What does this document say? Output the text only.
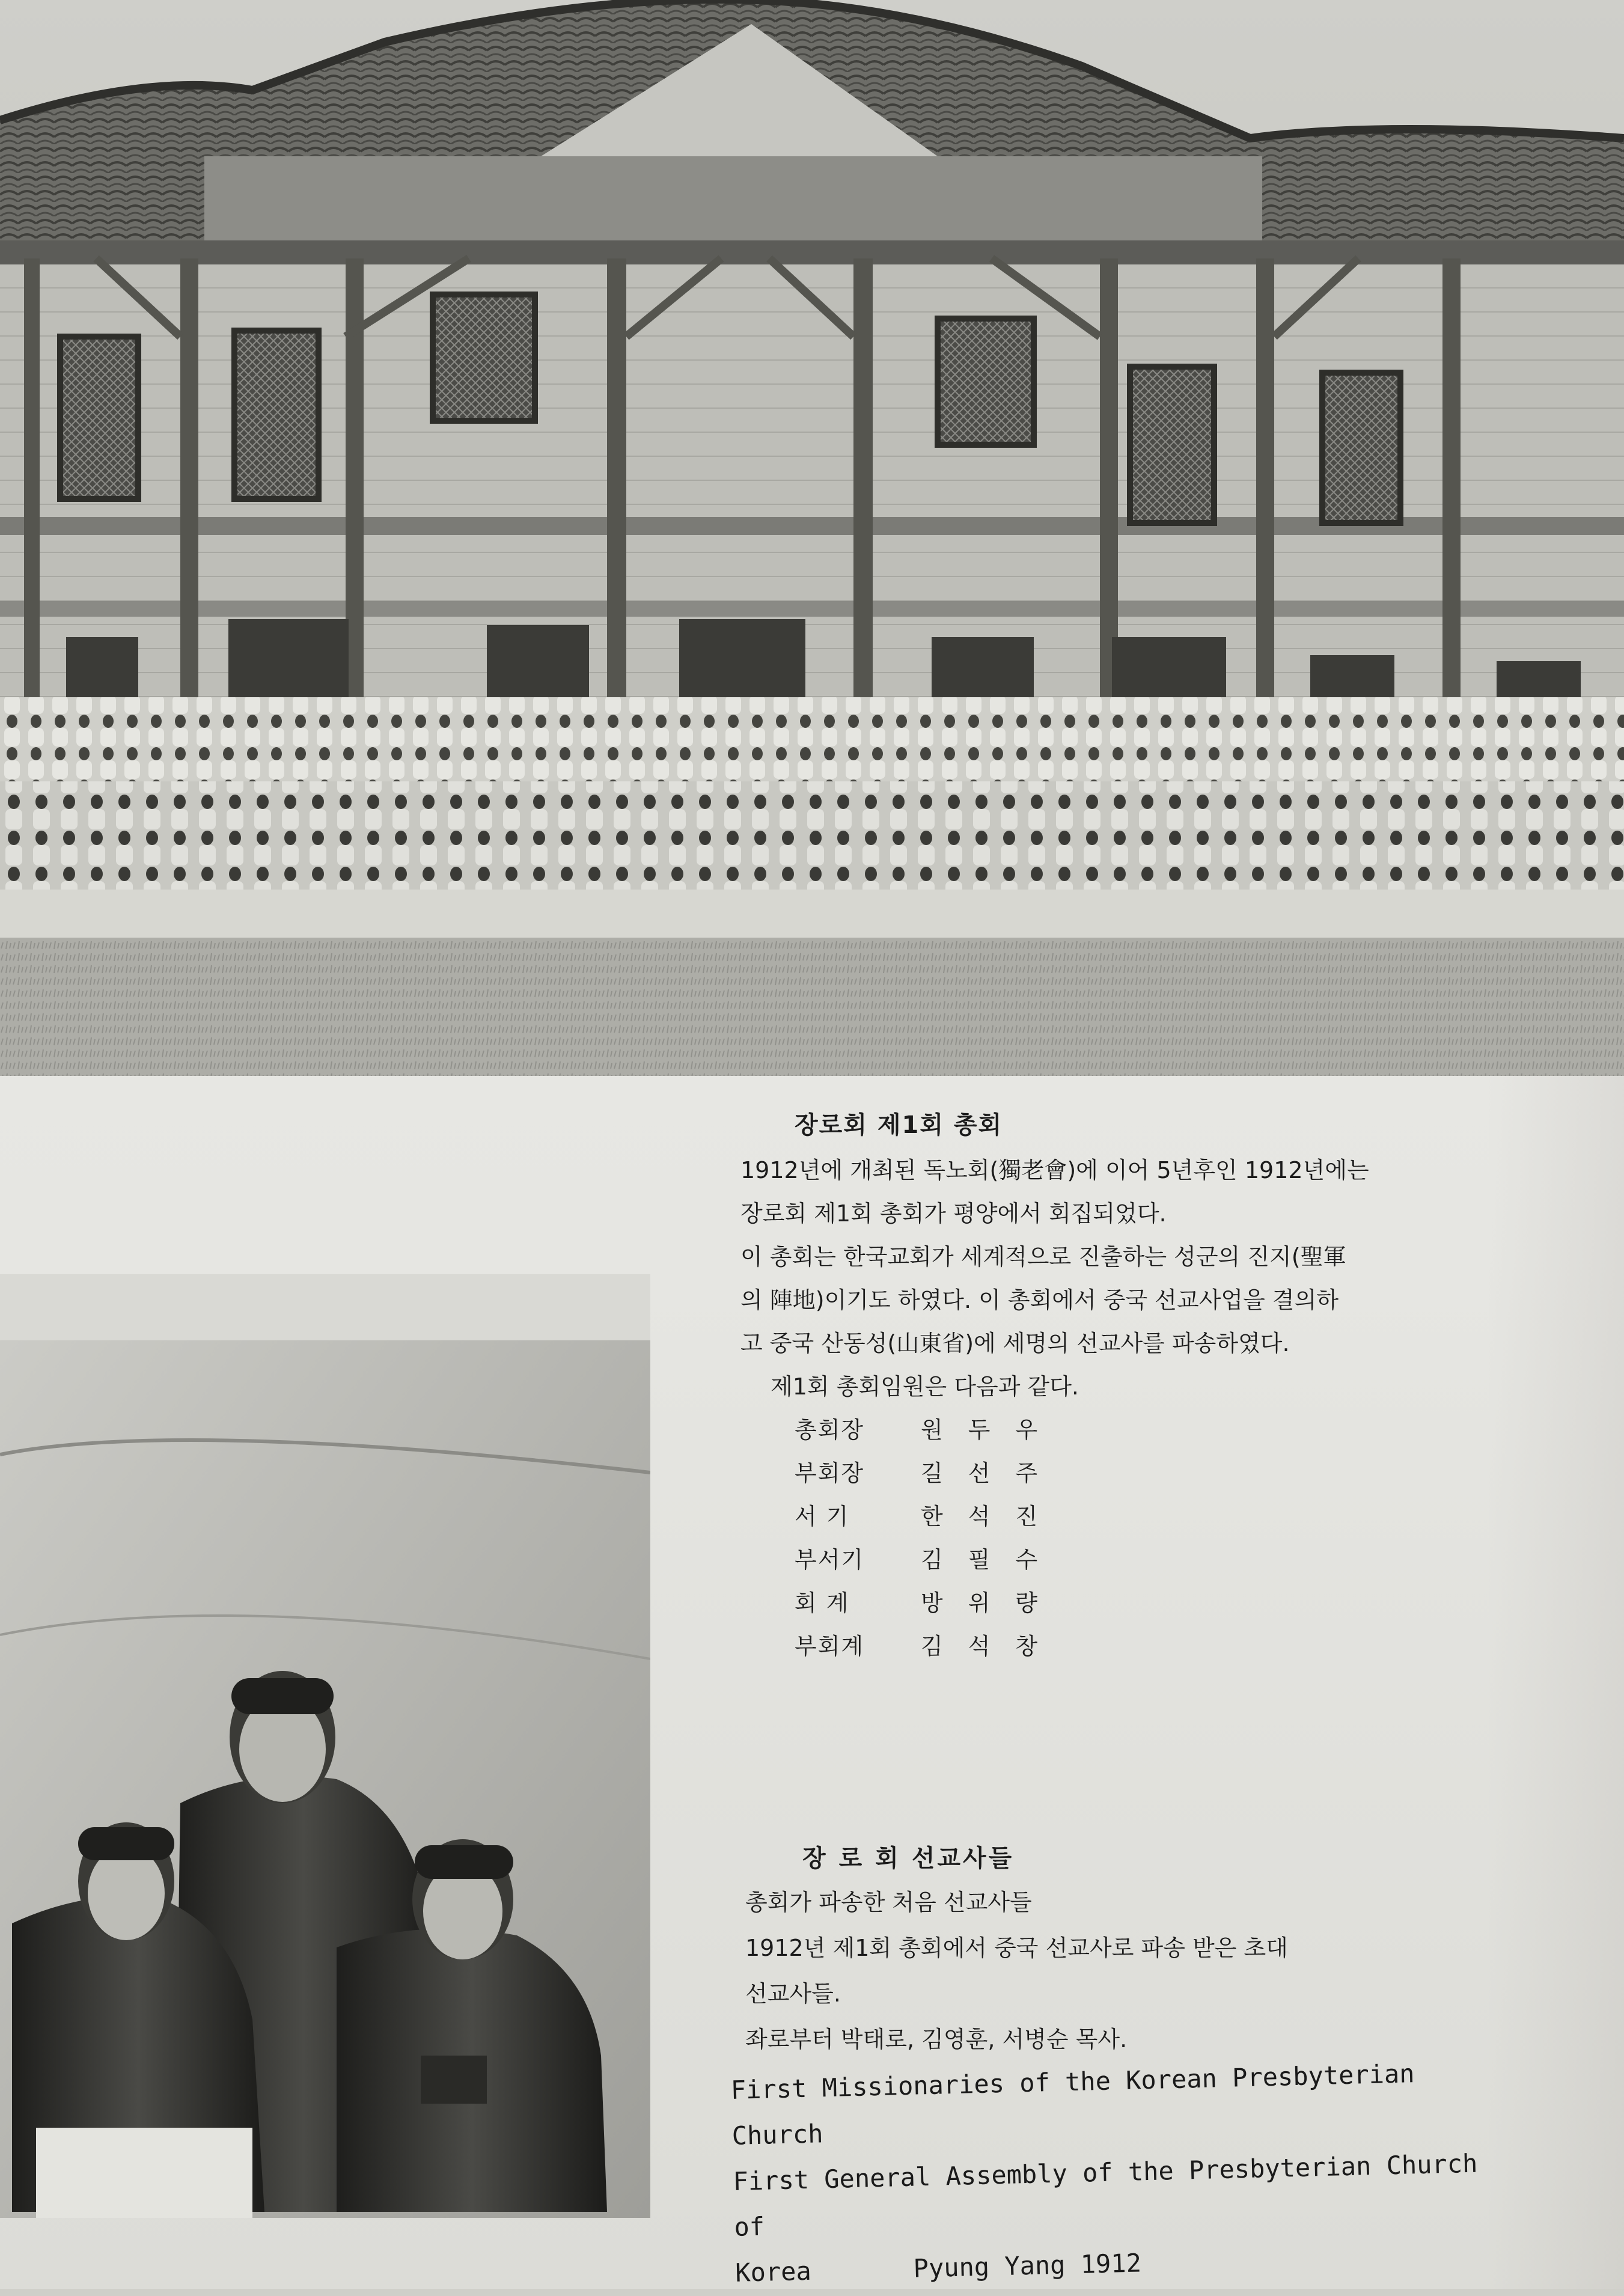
장로회 제1회 총회
1912년에 개최된 독노회(獨老會)에 이어 5년후인 1912년에는
장로회 제1회 총회가 평양에서 회집되었다.
이 총회는 한국교회가 세계적으로 진출하는 성군의 진지(聖軍
의 陣地)이기도 하였다. 이 총회에서 중국 선교사업을 결의하
고 중국 산동성(山東省)에 세명의 선교사를 파송하였다.
제1회 총회임원은 다음과 같다.
총회장	원두우
부회장	길선주
서 기	한석진
부서기	김필수
회 계	방위량
부회계	김석창
장 로 회 선교사들
총회가 파송한 처음 선교사들
1912년 제1회 총회에서 중국 선교사로 파송 받은 초대
선교사들.
좌로부터 박태로, 김영훈, 서병순 목사.
First Missionaries of the Korean Presbyterian Church
First General Assembly of the Presbyterian Church of
Korea	Pyung Yang 1912
